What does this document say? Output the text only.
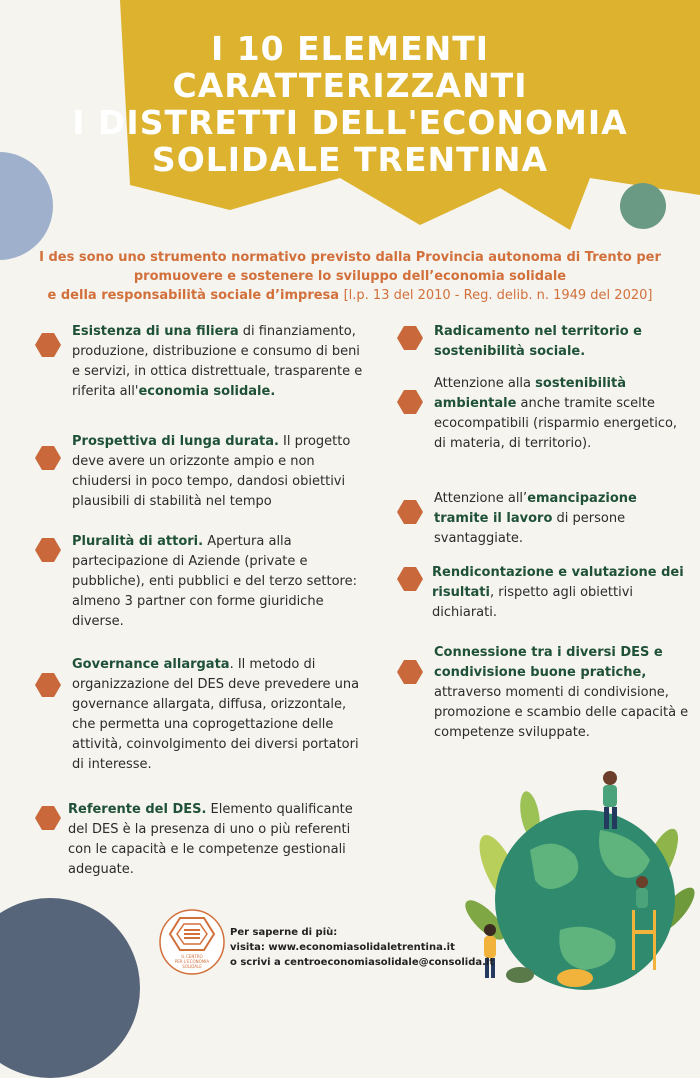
I 10 ELEMENTI
CARATTERIZZANTI
I DISTRETTI DELL'ECONOMIA
SOLIDALE TRENTINA
I des sono uno strumento normativo previsto dalla Provincia autonoma di Trento per
promuovere e sostenere lo sviluppo dell’economia solidale
e della responsabilità sociale d’impresa [l.p. 13 del 2010 - Reg. delib. n. 1949 del 2020]
Esistenza di una filiera di finanziamento, produzione, distribuzione e consumo di beni e servizi, in ottica distrettuale, trasparente e riferita all'economia solidale.
Prospettiva di lunga durata. Il progetto deve avere un orizzonte ampio e non chiudersi in poco tempo, dandosi obiettivi plausibili di stabilità nel tempo
Pluralità di attori. Apertura alla partecipazione di Aziende (private e pubbliche), enti pubblici e del terzo settore: almeno 3 partner con forme giuridiche diverse.
Governance allargata. Il metodo di organizzazione del DES deve prevedere una governance allargata, diffusa, orizzontale, che permetta una coprogettazione delle attività, coinvolgimento dei diversi portatori di interesse.
Referente del DES. Elemento qualificante del DES è la presenza di uno o più referenti con le capacità e le competenze gestionali adeguate.
Radicamento nel territorio e sostenibilità sociale.
Attenzione alla sostenibilità ambientale anche tramite scelte ecocompatibili (risparmio energetico, di materia, di territorio).
Attenzione all’emancipazione tramite il lavoro di persone svantaggiate.
Rendicontazione e valutazione dei risultati, rispetto agli obiettivi dichiarati.
Connessione tra i diversi DES e condivisione buone pratiche, attraverso momenti di condivisione, promozione e scambio delle capacità e competenze sviluppate.
IL CENTRO
PER L'ECONOMIA
SOLIDALE
Per saperne di più:
visita: www.economiasolidaletrentina.it
o scrivi a centroeconomiasolidale@consolida.it
